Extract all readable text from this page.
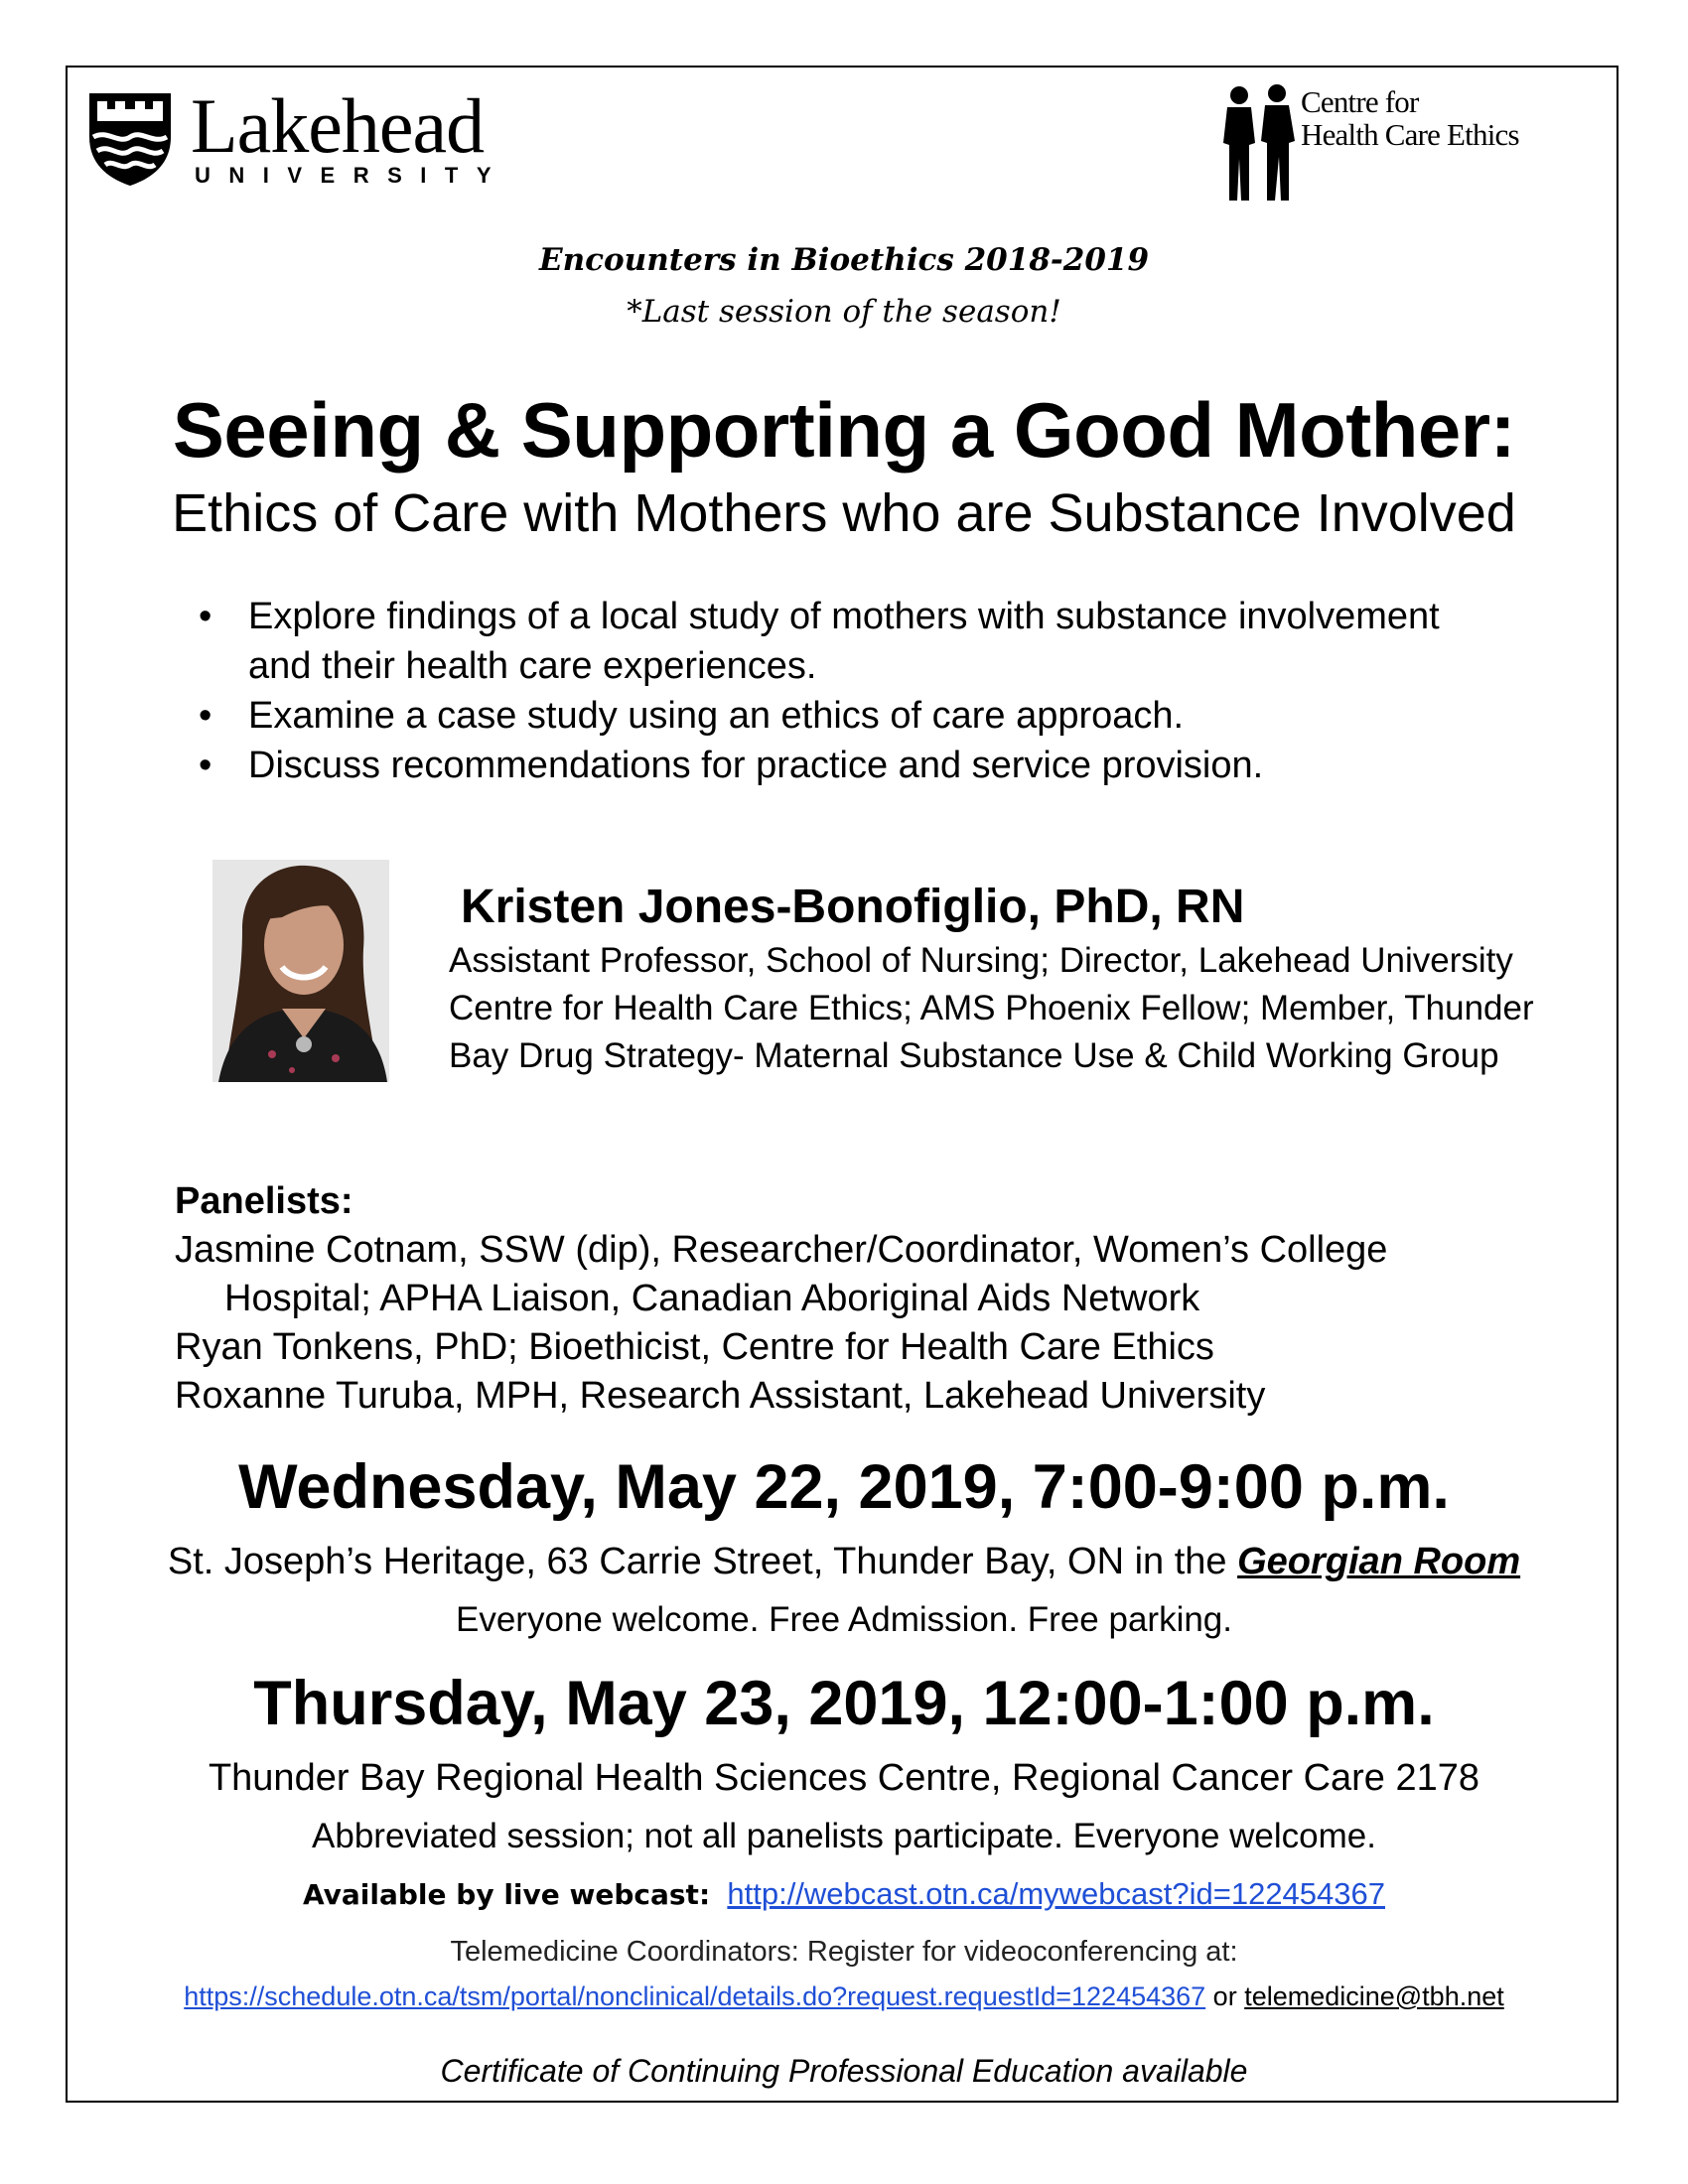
Lakehead
UNIVERSITY
Centre for
Health Care Ethics
Encounters in Bioethics 2018-2019
*Last session of the season!
Seeing & Supporting a Good Mother:
Ethics of Care with Mothers who are Substance Involved
• Explore findings of a local study of mothers with substance involvement and their health care experiences.
• Examine a case study using an ethics of care approach.
• Discuss recommendations for practice and service provision.
Kristen Jones-Bonofiglio, PhD, RN
Assistant Professor, School of Nursing; Director, Lakehead University Centre for Health Care Ethics; AMS Phoenix Fellow; Member, Thunder Bay Drug Strategy- Maternal Substance Use & Child Working Group
Panelists:
Jasmine Cotnam, SSW (dip), Researcher/Coordinator, Women’s College
Hospital; APHA Liaison, Canadian Aboriginal Aids Network
Ryan Tonkens, PhD; Bioethicist, Centre for Health Care Ethics
Roxanne Turuba, MPH, Research Assistant, Lakehead University
Wednesday, May 22, 2019, 7:00-9:00 p.m.
St. Joseph’s Heritage, 63 Carrie Street, Thunder Bay, ON in the Georgian Room
Everyone welcome. Free Admission. Free parking.
Thursday, May 23, 2019, 12:00-1:00 p.m.
Thunder Bay Regional Health Sciences Centre, Regional Cancer Care 2178
Abbreviated session; not all panelists participate. Everyone welcome.
Available by live webcast: http://webcast.otn.ca/mywebcast?id=122454367
Telemedicine Coordinators: Register for videoconferencing at:
https://schedule.otn.ca/tsm/portal/nonclinical/details.do?request.requestId=122454367 or telemedicine@tbh.net
Certificate of Continuing Professional Education available
